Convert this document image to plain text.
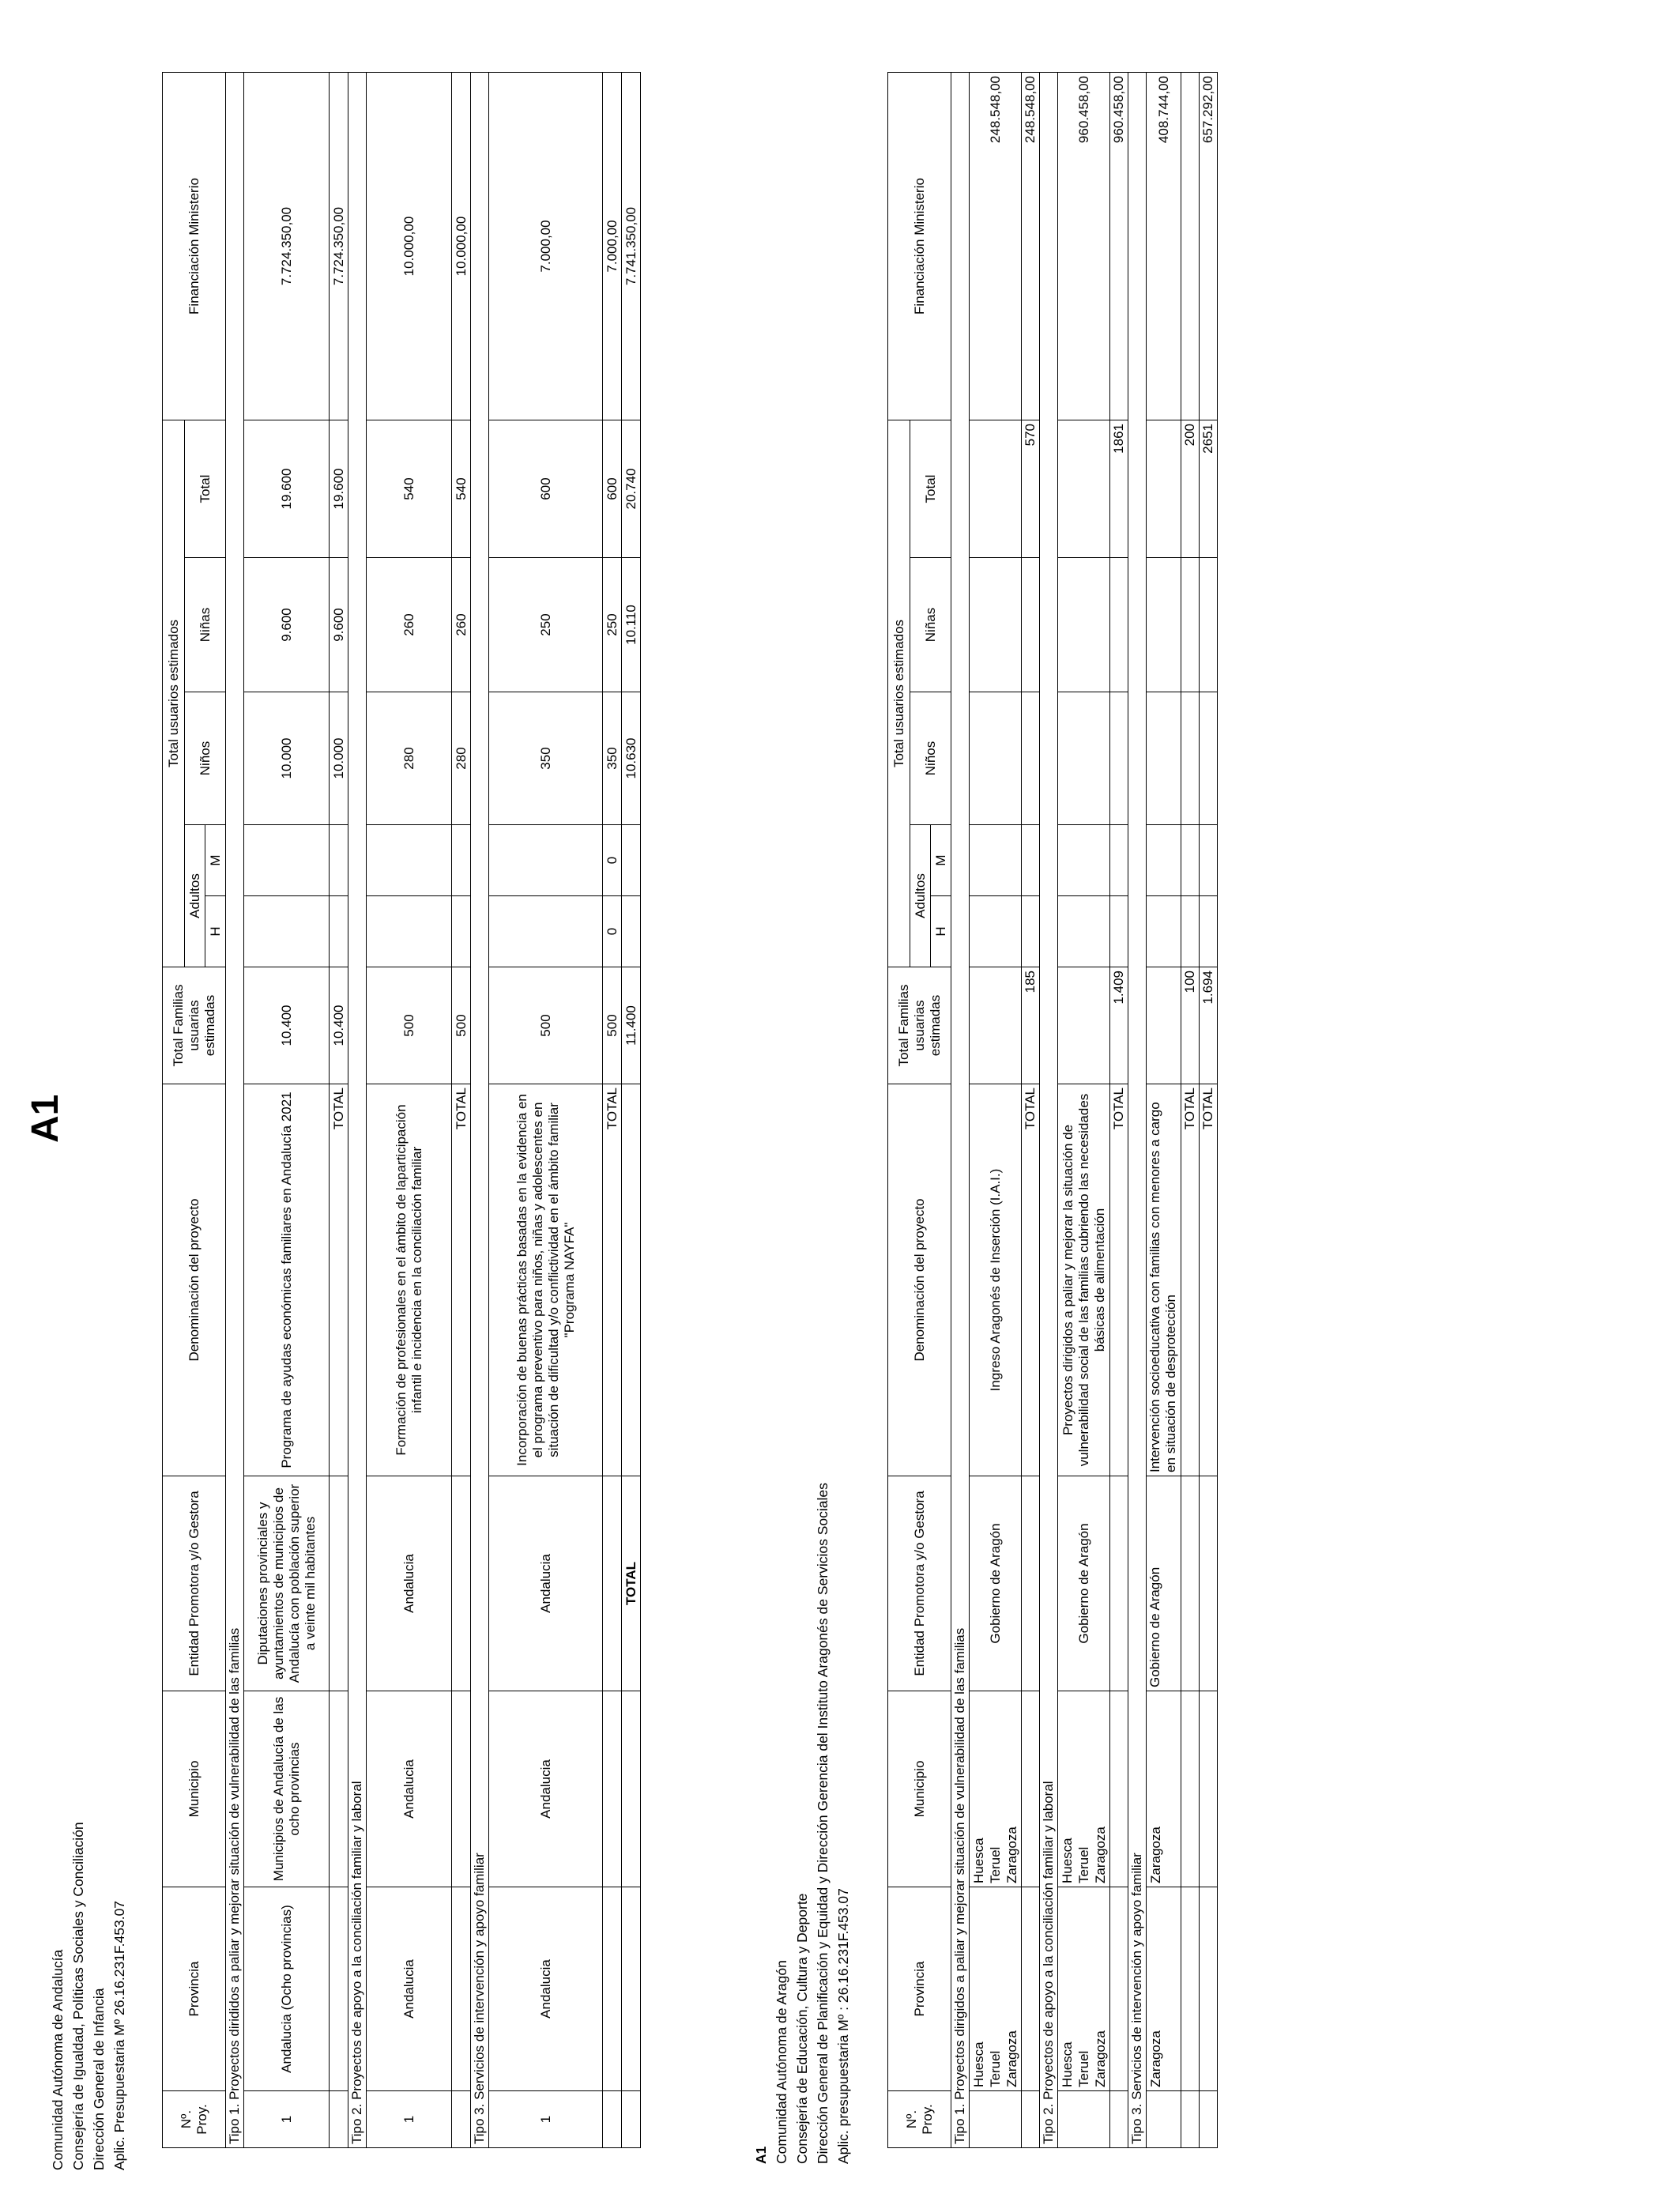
A1
Comunidad Autónoma de Andalucía Consejería de Igualdad, Políticas Sociales y Conciliación Dirección General de Infancia Aplic. Presupuestaria Mº 26.16.231F.453.07	Nº. Proy.	Provincia	Municipio	Entidad Promotora y/o Gestora	Denominación del proyecto	Total Familias usuarias estimadas	Total usuarios estimados					Financiación Ministerio
						Adultos		Niños	Niñas	Total	
						H	M				
Tipo 1. Proyectos dirididos a paliar y mejorar situación de vulnerabilidad de las familias											
1	Andalucia (Ocho provincias)	Municipios de Andalucía de las ocho provincias	Diputaciones provinciales y ayuntamientos de municipios de Andalucía con población superior a veinte mil habitantes	Programa de ayudas económicas familiares en Andalucía 2021	10.400			10.000	9.600	19.600	7.724.350,00
				TOTAL	10.400			10.000	9.600	19.600	7.724.350,00
Tipo 2. Proyectos de apoyo a la conciliación familiar y laboral											
1	Andalucia	Andalucia	Andalucia	Formación de profesionales en el ámbito de laparticipación infantil e incidencia en la conciliación familiar	500			280	260	540	10.000,00
				TOTAL	500			280	260	540	10.000,00
Tipo 3. Servicios de intervención y apoyo familiar											
1	Andalucia	Andalucia	Andalucia	Incorporación de buenas prácticas basadas en la evidencia en el programa preventivo para niños, niñas y adolescentes en situación de dificultad y/o conflictividad en el ámbito familiar "Programa NAYFA"	500			350	250	600	7.000,00
				TOTAL	500	0	0	350	250	600	7.000,00
			TOTAL		11.400			10.630	10.110	20.740	7.741.350,00
A1 Comunidad Autónoma de Aragón Consejería de Educación, Cultura y Deporte Dirección General de Planificación y Equidad y Dirección Gerencia del Instituto Aragonés de Servicios Sociales Aplic. presupuestaria Mº : 26.16.231F.453.07	Nº. Proy.	Provincia	Municipio	Entidad Promotora y/o Gestora	Denominación del proyecto	Total Familias usuarias estimadas	Total usuarios estimados					Financiación Ministerio
						Adultos		Niños	Niñas	Total	
						H	M				
Tipo 1. Proyectos dirigidos a paliar y mejorar situación de vulnerabilidad de las familias											

	Huesca Teruel Zaragoza	Huesca Teruel Zaragoza	Gobierno de Aragón	Ingreso Aragonés de Inserción (I.A.I.)							248.548,00
				TOTAL	185					570	248.548,00
Tipo 2. Proyectos de apoyo a la conciliación familiar y laboral											

	Huesca Teruel Zaragoza	Huesca Teruel Zaragoza	Gobierno de Aragón	Proyectos dirigidos a paliar y mejorar la situación de vulnerabilidad social de las familias cubriendo las necesidades básicas de alimentación							960.458,00
				TOTAL	1.409					1861	960.458,00
Tipo 3. Servicios de intervención y apoyo familiar											

	Zaragoza	Zaragoza	Gobierno de Aragón	Intervención socioeducativa con familias con menores a cargo en situación de desprotección							408.744,00
				TOTAL	100					200	
				TOTAL	1.694					2651	657.292,00
